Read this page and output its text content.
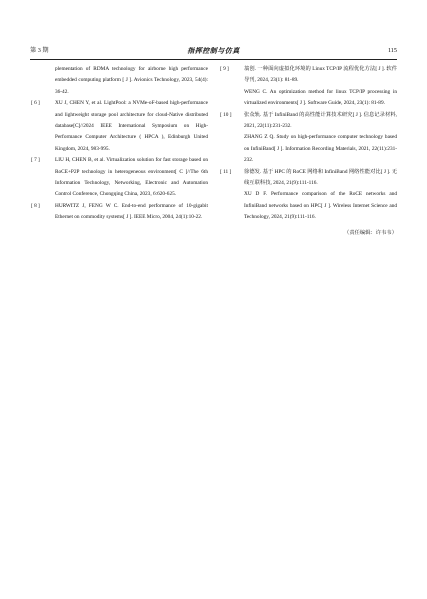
第 3 期	指挥控制与仿真	115
plementation of RDMA technology for airborne high performance embedded computing platform [ J ]. Avionics Technology, 2023, 54(4): 36-42.
[ 6 ]	XU J, CHEN Y, et al. LightPool: a NVMe-oF-based high-performance and lightweight storage pool architecture for cloud-Native distributed database[C]//2024 IEEE International Symposium on High-Performance Computer Architecture ( HPCA ), Edinburgh United Kingdom, 2024, 983-995.
[ 7 ]	LIU H, CHEN B, et al. Virtualization solution for fast storage based on RoCE+P2P technology in heterogeneous environment[ C ]//The 6th Information Technology, Networking, Electronic and Automation Control Conference, Chongqing China, 2023, 6:620-625.
[ 8 ]	HURWITZ J, FENG W C. End-to-end performance of 10-gigabit Ethernet on commodity systems[ J ]. IEEE Micro, 2004, 24(1):10-22.
[ 9 ]	翁创. 一种面向虚拟化环境的 Linux TCP/IP 流程优化方法[ J ]. 软件导刊, 2024, 23(1): 81-89.
WENG C. An optimization method for linux TCP/IP processing in virtualized environments[ J ]. Software Guide, 2024, 23(1): 81-89.
[ 10 ] 张众轨. 基于 InfiniBand 的高性能计算技术研究[ J ]. 信息记录材料, 2021, 22(11):231-232.
ZHANG Z Q. Study on high-performance computer technology based on InfiniBand[ J ]. Information Recording Materials, 2021, 22(11):231-232.
[ 11 ] 徐德发. 基于 HPC 的 RoCE 网络和 InfiniBand 网络性能对比[ J ]. 无线互联科技, 2024, 21(9):111-116.
XU D F. Performance comparison of the RoCE networks and InfiniBand networks based on HPC[ J ]. Wireless Internet Science and Technology, 2024, 21(9):111-116.
（责任编辑：许韦韦）
